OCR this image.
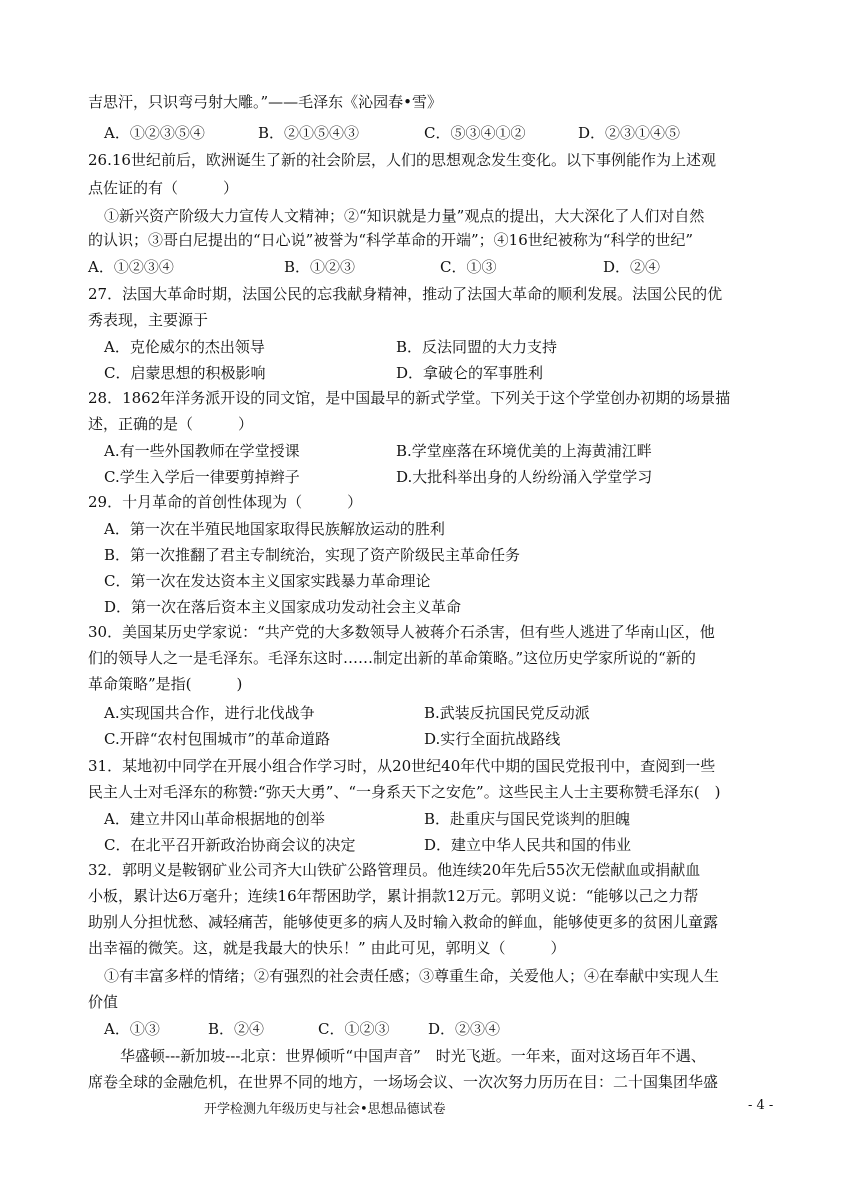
吉思汗，只识弯弓射大雕。”——毛泽东《沁园春•雪》
A．①②③⑤④	B．②①⑤④③	C．⑤③④①②	D．②③①④⑤
26.16世纪前后，欧洲诞生了新的社会阶层，人们的思想观念发生变化。以下事例能作为上述观
点佐证的有（　　　）
①新兴资产阶级大力宣传人文精神；②“知识就是力量”观点的提出，大大深化了人们对自然
的认识；③哥白尼提出的“日心说”被誉为“科学革命的开端”；④16世纪被称为“科学的世纪”
A．①②③④	B．①②③	C．①③	D．②④
27．法国大革命时期，法国公民的忘我献身精神，推动了法国大革命的顺利发展。法国公民的优
秀表现，主要源于
A．克伦威尔的杰出领导	B．反法同盟的大力支持
C．启蒙思想的积极影响	D．拿破仑的军事胜利
28．1862年洋务派开设的同文馆，是中国最早的新式学堂。下列关于这个学堂创办初期的场景描
述，正确的是（　　　）
A.有一些外国教师在学堂授课	B.学堂座落在环境优美的上海黄浦江畔
C.学生入学后一律要剪掉辫子	D.大批科举出身的人纷纷涌入学堂学习
29．十月革命的首创性体现为（　　　）
A．第一次在半殖民地国家取得民族解放运动的胜利
B．第一次推翻了君主专制统治，实现了资产阶级民主革命任务
C．第一次在发达资本主义国家实践暴力革命理论
D．第一次在落后资本主义国家成功发动社会主义革命
30．美国某历史学家说：“共产党的大多数领导人被蒋介石杀害，但有些人逃进了华南山区，他
们的领导人之一是毛泽东。毛泽东这时……制定出新的革命策略。”这位历史学家所说的“新的
革命策略”是指(　　　)
A.实现国共合作，进行北伐战争	B.武装反抗国民党反动派
C.开辟“农村包围城市”的革命道路	D.实行全面抗战路线
31．某地初中同学在开展小组合作学习时，从20世纪40年代中期的国民党报刊中，查阅到一些
民主人士对毛泽东的称赞:“弥天大勇”、“一身系天下之安危”。这些民主人士主要称赞毛泽东(　)
A．建立井冈山革命根据地的创举	B．赴重庆与国民党谈判的胆魄
C．在北平召开新政治协商会议的决定	D．建立中华人民共和国的伟业
32．郭明义是鞍钢矿业公司齐大山铁矿公路管理员。他连续20年先后55次无偿献血或捐献血
小板，累计达6万毫升；连续16年帮困助学，累计捐款12万元。郭明义说：“能够以己之力帮
助别人分担忧愁、减轻痛苦，能够使更多的病人及时输入救命的鲜血，能够使更多的贫困儿童露
出幸福的微笑。这，就是我最大的快乐！” 由此可见，郭明义（　　　）
①有丰富多样的情绪；②有强烈的社会责任感；③尊重生命，关爱他人；④在奉献中实现人生
价值
A．①③	B．②④	C．①②③	D．②③④
华盛顿---新加坡---北京：世界倾听“中国声音”　时光飞逝。一年来，面对这场百年不遇、
席卷全球的金融危机，在世界不同的地方，一场场会议、一次次努力历历在目：二十国集团华盛
开学检测九年级历史与社会•思想品德试卷	- 4 -
